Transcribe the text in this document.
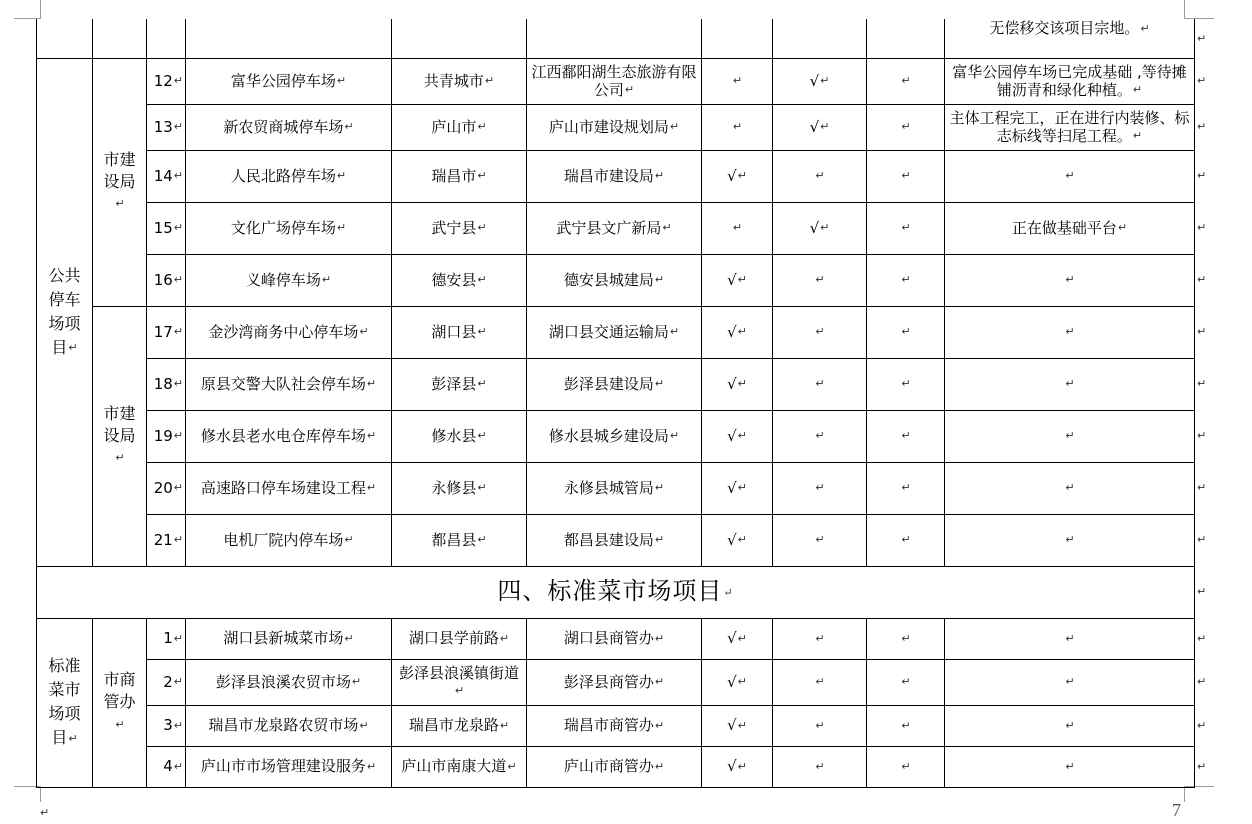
									无偿移交该项目宗地。↵
公共停车场项目↵	市建设局↵	12↵	富华公园停车场↵	共青城市↵	江西鄱阳湖生态旅游有限公司↵	↵	√↵	↵	富华公园停车场已完成基础 ,等待摊铺沥青和绿化种植。↵
		13↵	新农贸商城停车场↵	庐山市↵	庐山市建设规划局↵	↵	√↵	↵	主体工程完工，正在进行内装修、标志标线等扫尾工程。↵
		14↵	人民北路停车场↵	瑞昌市↵	瑞昌市建设局↵	√↵	↵	↵	↵
		15↵	文化广场停车场↵	武宁县↵	武宁县文广新局↵	↵	√↵	↵	正在做基础平台↵
		16↵	义峰停车场↵	德安县↵	德安县城建局↵	√↵	↵	↵	↵
	市建设局↵	17↵	金沙湾商务中心停车场↵	湖口县↵	湖口县交通运输局↵	√↵	↵	↵	↵
		18↵	原县交警大队社会停车场↵	彭泽县↵	彭泽县建设局↵	√↵	↵	↵	↵
		19↵	修水县老水电仓库停车场↵	修水县↵	修水县城乡建设局↵	√↵	↵	↵	↵
		20↵	高速路口停车场建设工程↵	永修县↵	永修县城管局↵	√↵	↵	↵	↵
		21↵	电机厂院内停车场↵	都昌县↵	都昌县建设局↵	√↵	↵	↵	↵
四、标准菜市场项目↵									
标准菜市场项目↵	市商管办↵	1↵	湖口县新城菜市场↵	湖口县学前路↵	湖口县商管办↵	√↵	↵	↵	↵
		2↵	彭泽县浪溪农贸市场↵	彭泽县浪溪镇街道↵	彭泽县商管办↵	√↵	↵	↵	↵
		3↵	瑞昌市龙泉路农贸市场↵	瑞昌市龙泉路↵	瑞昌市商管办↵	√↵	↵	↵	↵
		4↵	庐山市市场管理建设服务↵	庐山市南康大道↵	庐山市商管办↵	√↵	↵	↵	↵
↵
↵
↵
↵
↵
↵
↵
↵
↵
↵
↵
↵
↵
↵
↵
↵
7
↵
